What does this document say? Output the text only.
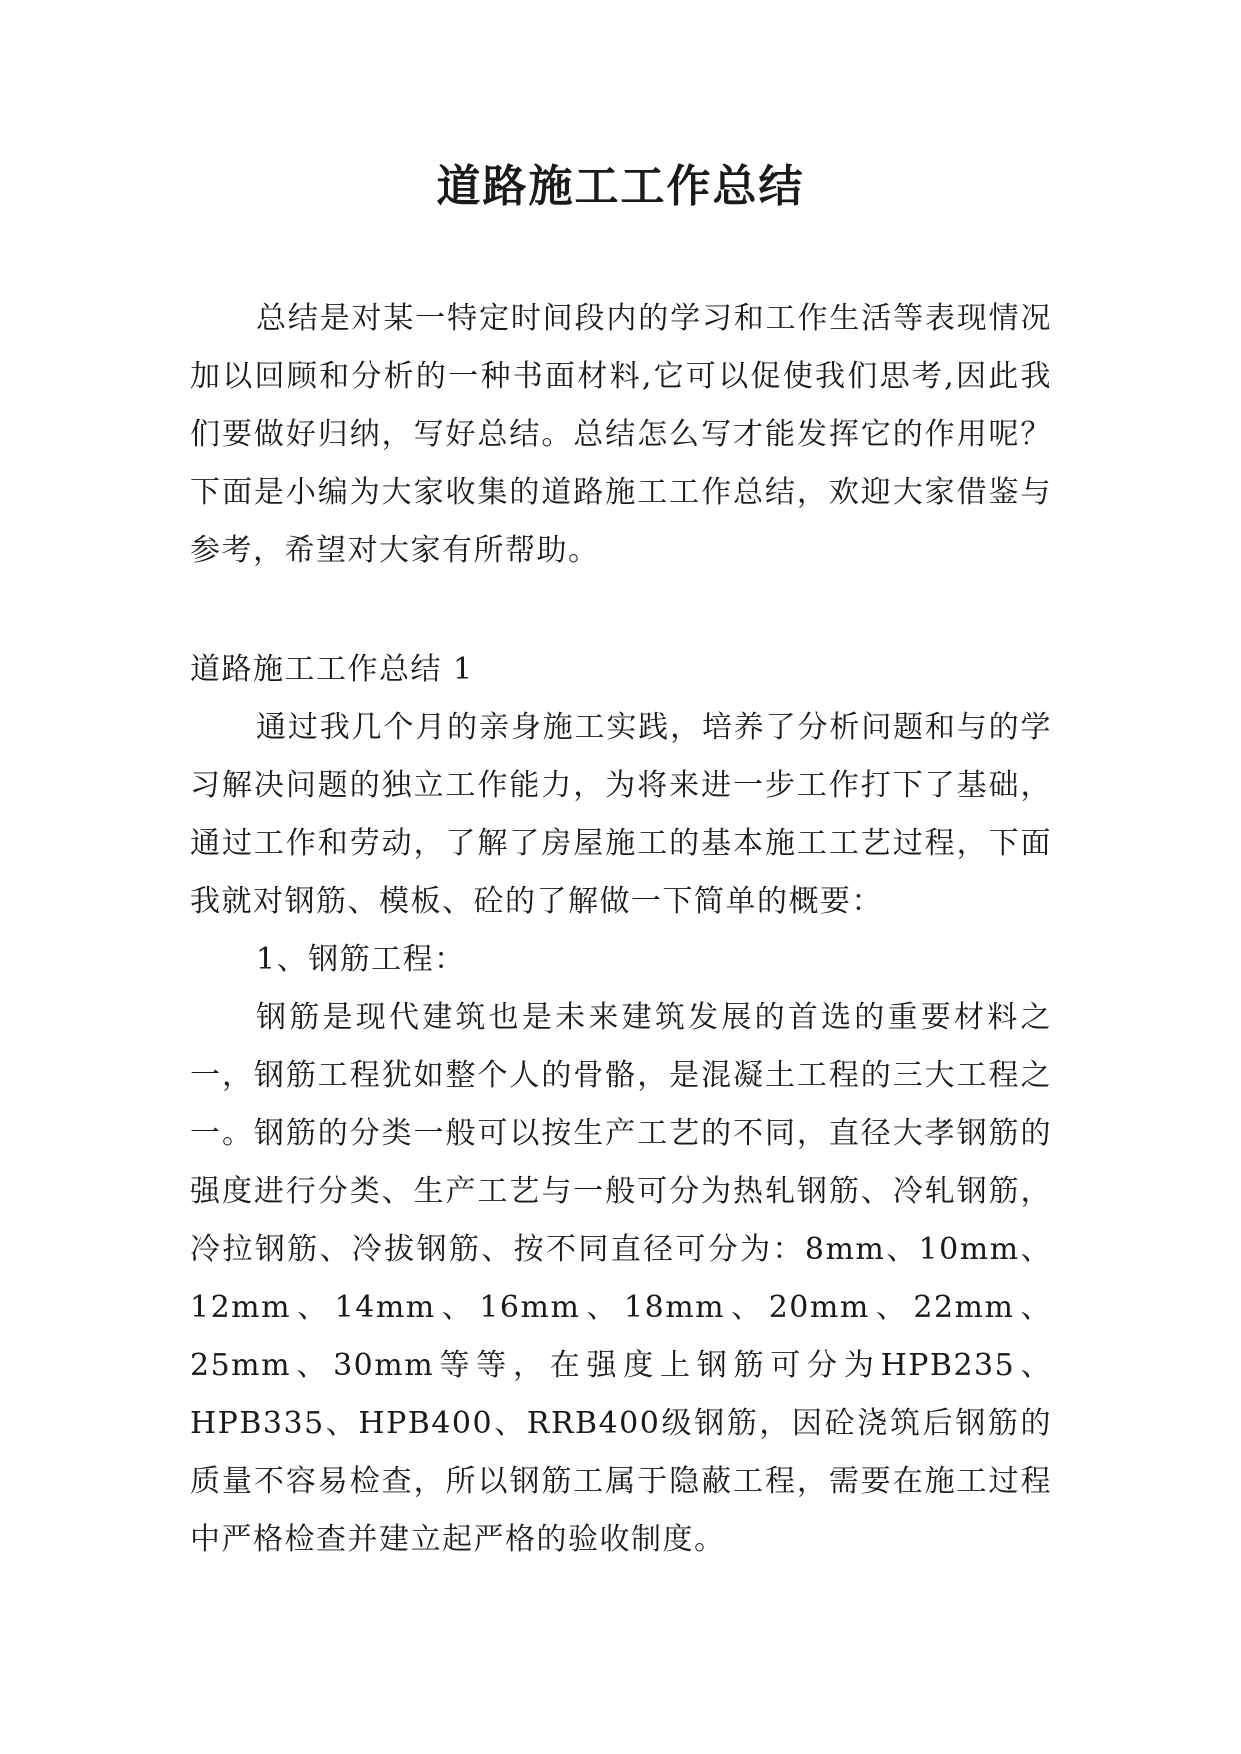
道路施工工作总结

总结是对某一特定时间段内的学习和工作生活等表现情况加以回顾和分析的一种书面材料,它可以促使我们思考,因此我们要做好归纳，写好总结。总结怎么写才能发挥它的作用呢？下面是小编为大家收集的道路施工工作总结，欢迎大家借鉴与参考，希望对大家有所帮助。

道路施工工作总结 1

通过我几个月的亲身施工实践，培养了分析问题和与的学习解决问题的独立工作能力，为将来进一步工作打下了基础，通过工作和劳动，了解了房屋施工的基本施工工艺过程，下面我就对钢筋、模板、砼的了解做一下简单的概要：

1、钢筋工程：

钢筋是现代建筑也是未来建筑发展的首选的重要材料之一，钢筋工程犹如整个人的骨骼，是混凝土工程的三大工程之一。钢筋的分类一般可以按生产工艺的不同，直径大孝钢筋的强度进行分类、生产工艺与一般可分为热轧钢筋、冷轧钢筋，冷拉钢筋、冷拔钢筋、按不同直径可分为：8mm、10mm、12mm、14mm、16mm、18mm、20mm、22mm、25mm、30mm等等，在强度上钢筋可分为HPB235、HPB335、HPB400、RRB400级钢筋，因砼浇筑后钢筋的质量不容易检查，所以钢筋工属于隐蔽工程，需要在施工过程中严格检查并建立起严格的验收制度。
